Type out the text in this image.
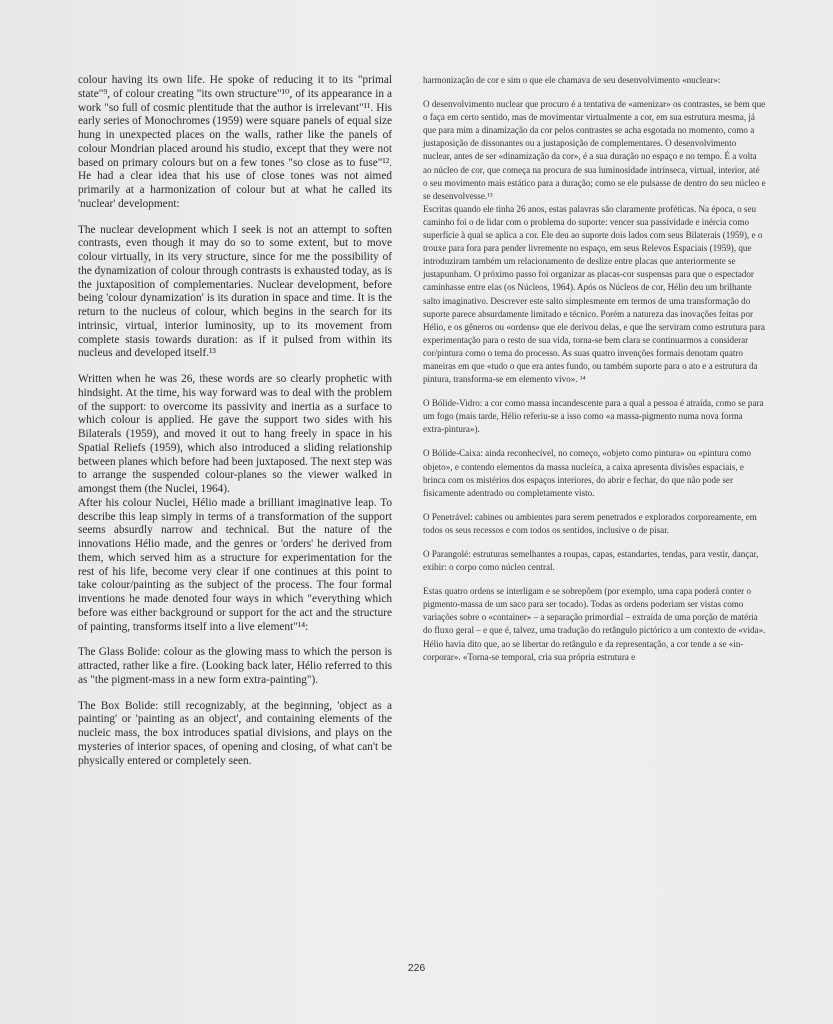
colour having its own life. He spoke of reducing it to its "primal state"⁹, of colour creating "its own structure"¹⁰, of its appearance in a work "so full of cosmic plentitude that the author is irrelevant"¹¹. His early series of Monochromes (1959) were square panels of equal size hung in unexpected places on the walls, rather like the panels of colour Mondrian placed around his studio, except that they were not based on primary colours but on a few tones "so close as to fuse"¹². He had a clear idea that his use of close tones was not aimed primarily at a harmonization of colour but at what he called its 'nuclear' development:

The nuclear development which I seek is not an attempt to soften contrasts, even though it may do so to some extent, but to move colour virtually, in its very structure, since for me the possibility of the dynamization of colour through contrasts is exhausted today, as is the juxtaposition of complementaries. Nuclear development, before being 'colour dynamization' is its duration in space and time. It is the return to the nucleus of colour, which begins in the search for its intrinsic, virtual, interior luminosity, up to its movement from complete stasis towards duration: as if it pulsed from within its nucleus and developed itself.¹³

Written when he was 26, these words are so clearly prophetic with hindsight. At the time, his way forward was to deal with the problem of the support: to overcome its passivity and inertia as a surface to which colour is applied. He gave the support two sides with his Bilaterals (1959), and moved it out to hang freely in space in his Spatial Reliefs (1959), which also introduced a sliding relationship between planes which before had been juxtaposed. The next step was to arrange the suspended colour-planes so the viewer walked in amongst them (the Nuclei, 1964).

After his colour Nuclei, Hélio made a brilliant imaginative leap. To describe this leap simply in terms of a transformation of the support seems absurdly narrow and technical. But the nature of the innovations Hélio made, and the genres or 'orders' he derived from them, which served him as a structure for experimentation for the rest of his life, become very clear if one continues at this point to take colour/painting as the subject of the process. The four formal inventions he made denoted four ways in which "everything which before was either background or support for the act and the structure of painting, transforms itself into a live element"¹⁴:

The Glass Bolide: colour as the glowing mass to which the person is attracted, rather like a fire. (Looking back later, Hélio referred to this as "the pigment-mass in a new form extra-painting").

The Box Bolide: still recognizably, at the beginning, 'object as a painting' or 'painting as an object', and containing elements of the nucleic mass, the box introduces spatial divisions, and plays on the mysteries of interior spaces, of opening and closing, of what can't be physically entered or completely seen.

harmonização de cor e sim o que ele chamava de seu desenvolvimento «nuclear»:

O desenvolvimento nuclear que procuro é a tentativa de «amenizar» os contrastes, se bem que o faça em certo sentido, mas de movimentar virtualmente a cor, em sua estrutura mesma, já que para mim a dinamização da cor pelos contrastes se acha esgotada no momento, como a justaposição de dissonantes ou a justaposição de complementares. O desenvolvimento nuclear, antes de ser «dinamização da cor», é a sua duração no espaço e no tempo. É a volta ao núcleo de cor, que começa na procura de sua luminosidade intrínseca, virtual, interior, até o seu movimento mais estático para a duração; como se ele pulsasse de dentro do seu núcleo e se desenvolvesse.¹³

Escritas quando ele tinha 26 anos, estas palavras são claramente proféticas. Na época, o seu caminho foi o de lidar com o problema do suporte: vencer sua passividade e inércia como superfície à qual se aplica a cor. Ele deu ao suporte dois lados com seus Bilaterais (1959), e o trouxe para fora para pender livremente no espaço, em seus Relevos Espaciais (1959), que introduziram também um relacionamento de deslize entre placas que anteriormente se justapunham. O próximo passo foi organizar as placas-cor suspensas para que o espectador caminhasse entre elas (os Núcleos, 1964). Após os Núcleos de cor, Hélio deu um brilhante salto imaginativo. Descrever este salto simplesmente em termos de uma transformação do suporte parece absurdamente limitado e técnico. Porém a natureza das inovações feitas por Hélio, e os gêneros ou «ordens» que ele derivou delas, e que lhe serviram como estrutura para experimentação para o resto de sua vida, torna-se bem clara se continuarmos a considerar cor/pintura como o tema do processo. As suas quatro invenções formais denotam quatro maneiras em que «tudo o que era antes fundo, ou também suporte para o ato e a estrutura da pintura, transforma-se em elemento vivo». ¹⁴

O Bólide-Vidro: a cor como massa incandescente para a qual a pessoa é atraída, como se para um fogo (mais tarde, Hélio referiu-se a isso como «a massa-pigmento numa nova forma extra-pintura»).

O Bólide-Caixa: ainda reconhecível, no começo, «objeto como pintura» ou «pintura como objeto», e contendo elementos da massa nucleíca, a caixa apresenta divisões espaciais, e brinca com os mistérios dos espaços interiores, do abrir e fechar, do que não pode ser fisicamente adentrado ou completamente visto.

O Penetrável: cabines ou ambientes para serem penetrados e explorados corporeamente, em todos os seus recessos e com todos os sentidos, inclusive o de pisar.

O Parangolé: estruturas semelhantes a roupas, capas, estandartes, tendas, para vestir, dançar, exibir: o corpo como núcleo central.

Estas quatro ordens se interligam e se sobrepõem (por exemplo, uma capa poderá conter o pigmento-massa de um saco para ser tocado). Todas as ordens poderiam ser vistas como variações sobre o «container» – a separação primordial – extraída de uma porção de matéria do fluxo geral – e que é, talvez, uma tradução do retângulo pictórico a um contexto de «vida». Hélio havia dito que, ao se libertar do retângulo e da representação, a cor tende a se «in-corporar». «Torna-se temporal, cria sua própria estrutura e

226
